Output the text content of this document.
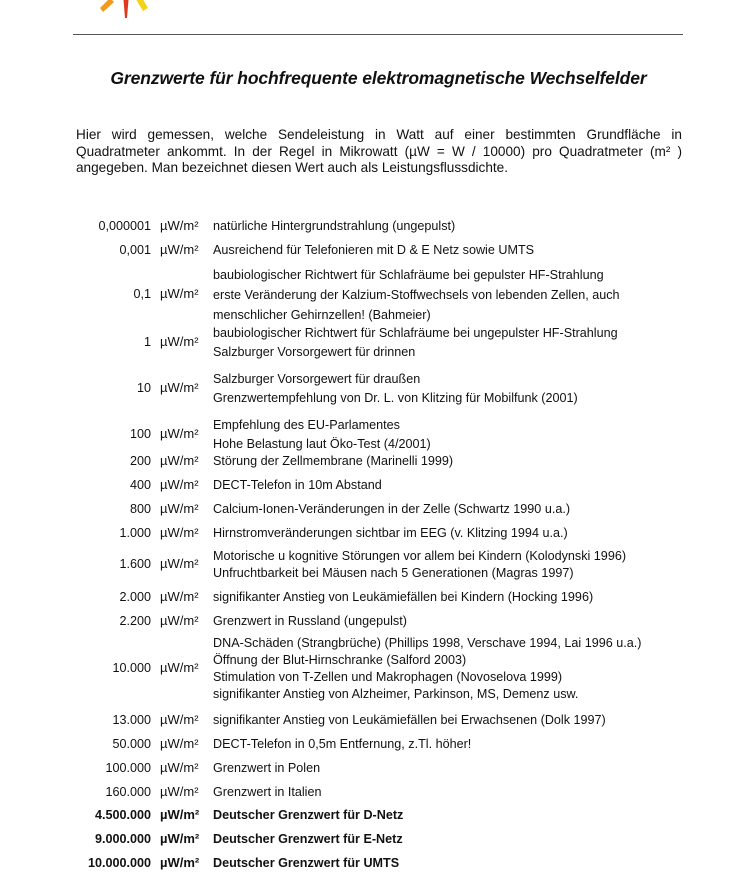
Grenzwerte für hochfrequente elektromagnetische Wechselfelder
Hier wird gemessen, welche Sendeleistung in Watt auf einer bestimmten Grundfläche in
Quadratmeter ankommt. In der Regel in Mikrowatt (µW = W / 10000) pro Quadratmeter (m² )
angegeben. Man bezeichnet diesen Wert auch als Leistungsflussdichte.
0,000001 µW/m² natürliche Hintergrundstrahlung (ungepulst)
0,001 µW/m² Ausreichend für Telefonieren mit D & E Netz sowie UMTS
0,1 µW/m²
baubiologischer Richtwert für Schlafräume bei gepulster HF-Strahlung
erste Veränderung der Kalzium-Stoffwechsels von lebenden Zellen, auch
menschlicher Gehirnzellen! (Bahmeier)
1 µW/m²
baubiologischer Richtwert für Schlafräume bei ungepulster HF-Strahlung
Salzburger Vorsorgewert für drinnen
10 µW/m²
Salzburger Vorsorgewert für draußen
Grenzwertempfehlung von Dr. L. von Klitzing für Mobilfunk (2001)
100 µW/m²
Empfehlung des EU-Parlamentes
Hohe Belastung laut Öko-Test (4/2001)
200 µW/m² Störung der Zellmembrane (Marinelli 1999)
400 µW/m² DECT-Telefon in 10m Abstand
800 µW/m² Calcium-Ionen-Veränderungen in der Zelle (Schwartz 1990 u.a.)
1.000 µW/m² Hirnstromveränderungen sichtbar im EEG (v. Klitzing 1994 u.a.)
1.600 µW/m² Motorische u kognitive Störungen vor allem bei Kindern (Kolodynski 1996)
Unfruchtbarkeit bei Mäusen nach 5 Generationen (Magras 1997)
2.000 µW/m² signifikanter Anstieg von Leukämiefällen bei Kindern (Hocking 1996)
2.200 µW/m² Grenzwert in Russland (ungepulst)
10.000 µW/m²
DNA-Schäden (Strangbrüche) (Phillips 1998, Verschave 1994, Lai 1996 u.a.)
Öffnung der Blut-Hirnschranke (Salford 2003)
Stimulation von T-Zellen und Makrophagen (Novoselova 1999)
signifikanter Anstieg von Alzheimer, Parkinson, MS, Demenz usw.
13.000 µW/m² signifikanter Anstieg von Leukämiefällen bei Erwachsenen (Dolk 1997)
50.000 µW/m² DECT-Telefon in 0,5m Entfernung, z.Tl. höher!
100.000 µW/m² Grenzwert in Polen
160.000 µW/m² Grenzwert in Italien
4.500.000 µW/m² Deutscher Grenzwert für D-Netz
9.000.000 µW/m² Deutscher Grenzwert für E-Netz
10.000.000 µW/m² Deutscher Grenzwert für UMTS
